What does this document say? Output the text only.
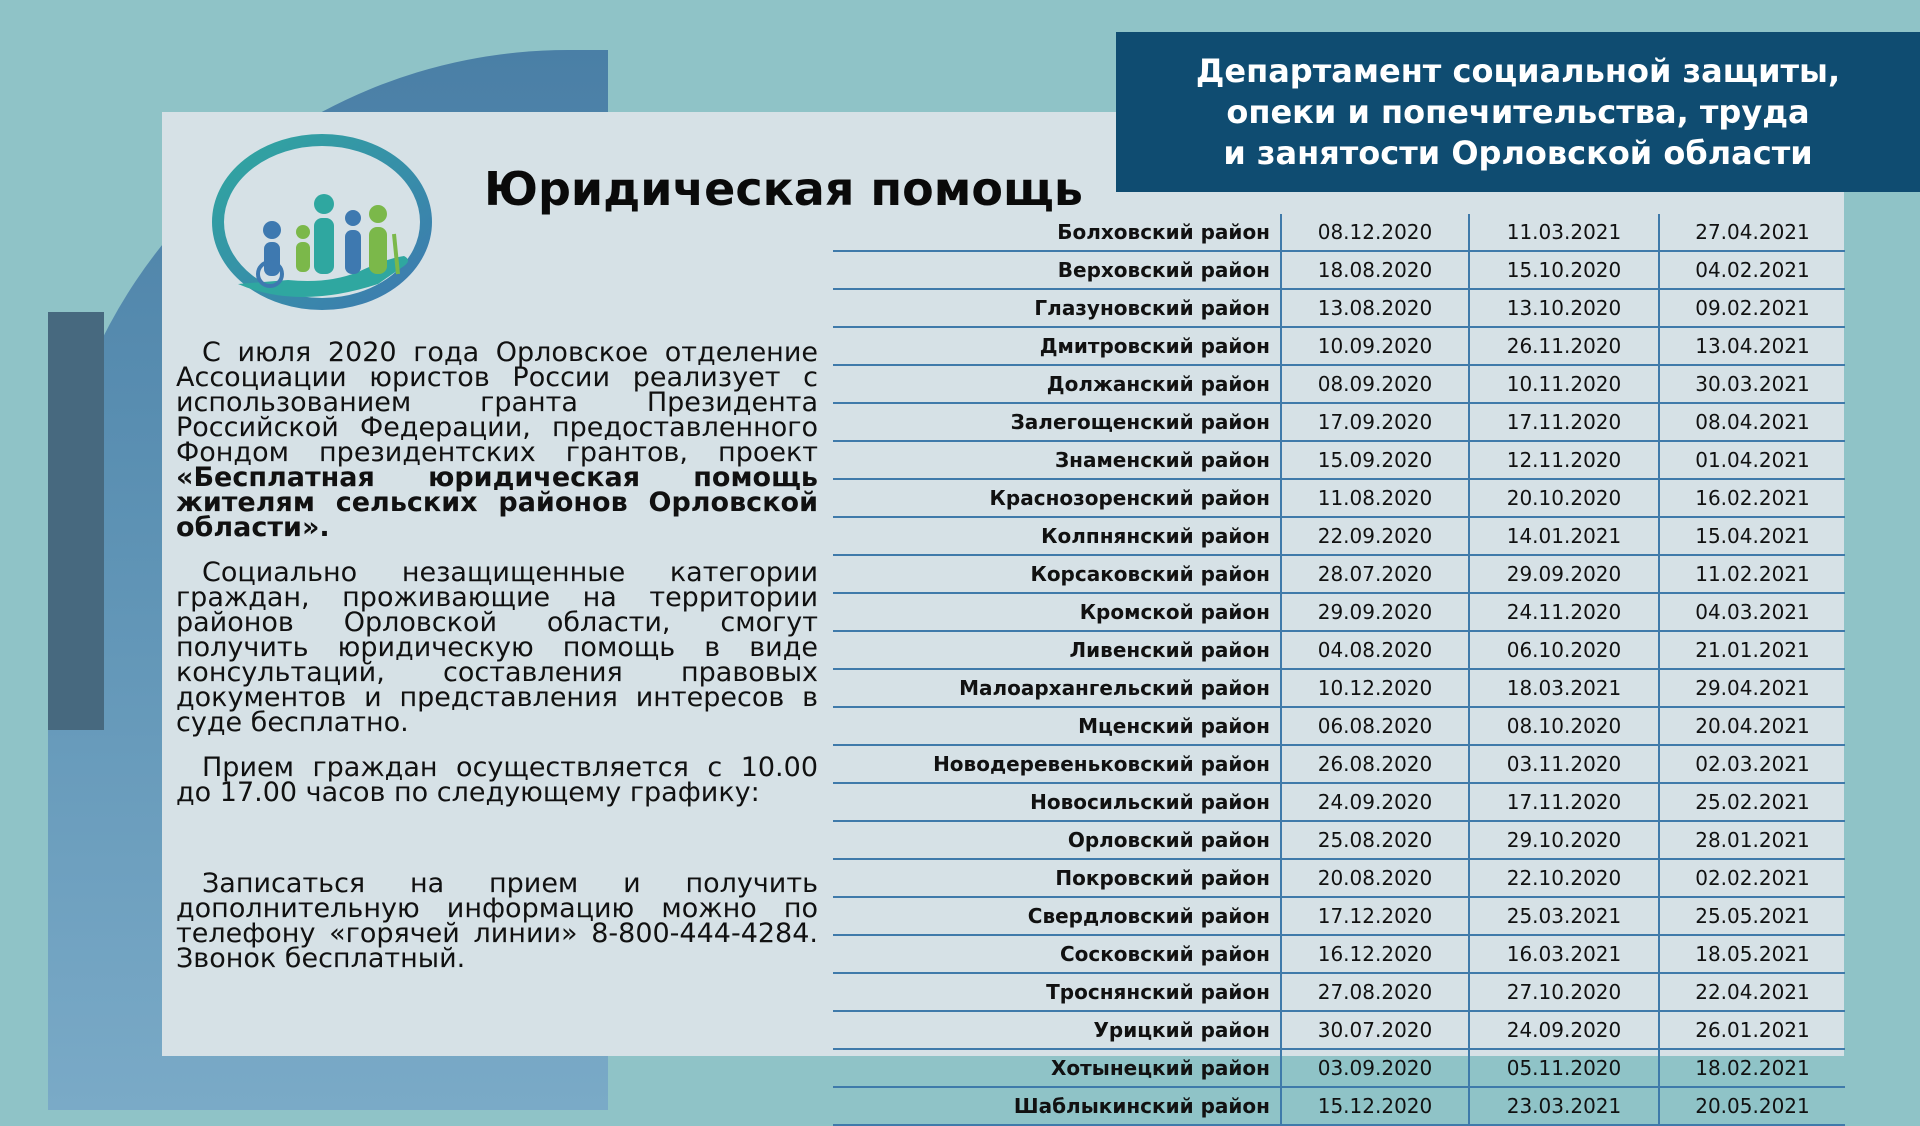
Департамент социальной защиты,
опеки и попечительства, труда
и занятости Орловской области
Юридическая помощь

С июля 2020 года Орловское отделение Ассоциации юристов России реализует с использованием гранта Президента Российской Федерации, предоставленного Фондом президентских грантов, проект «Бесплатная юридическая помощь жителям сельских районов Орловской области».

Социально незащищенные категории граждан, проживающие на территории районов Орловской области, смогут получить юридическую помощь в виде консультаций, составления правовых документов и представления интересов в суде бесплатно.

Прием граждан осуществляется с 10.00 до 17.00 часов по следующему графику:

Записаться на прием и получить дополнительную информацию можно по телефону «горячей линии» 8-800-444-4284. Звонок бесплатный.

Болховский район	08.12.2020	11.03.2021	27.04.2021
Верховский район	18.08.2020	15.10.2020	04.02.2021
Глазуновский район	13.08.2020	13.10.2020	09.02.2021
Дмитровский район	10.09.2020	26.11.2020	13.04.2021
Должанский район	08.09.2020	10.11.2020	30.03.2021
Залегощенский район	17.09.2020	17.11.2020	08.04.2021
Знаменский район	15.09.2020	12.11.2020	01.04.2021
Краснозоренский район	11.08.2020	20.10.2020	16.02.2021
Колпнянский район	22.09.2020	14.01.2021	15.04.2021
Корсаковский район	28.07.2020	29.09.2020	11.02.2021
Кромской район	29.09.2020	24.11.2020	04.03.2021
Ливенский район	04.08.2020	06.10.2020	21.01.2021
Малоархангельский район	10.12.2020	18.03.2021	29.04.2021
Мценский район	06.08.2020	08.10.2020	20.04.2021
Новодеревеньковский район	26.08.2020	03.11.2020	02.03.2021
Новосильский район	24.09.2020	17.11.2020	25.02.2021
Орловский район	25.08.2020	29.10.2020	28.01.2021
Покровский район	20.08.2020	22.10.2020	02.02.2021
Свердловский район	17.12.2020	25.03.2021	25.05.2021
Сосковский район	16.12.2020	16.03.2021	18.05.2021
Троснянский район	27.08.2020	27.10.2020	22.04.2021
Урицкий район	30.07.2020	24.09.2020	26.01.2021
Хотынецкий район	03.09.2020	05.11.2020	18.02.2021
Шаблыкинский район	15.12.2020	23.03.2021	20.05.2021
